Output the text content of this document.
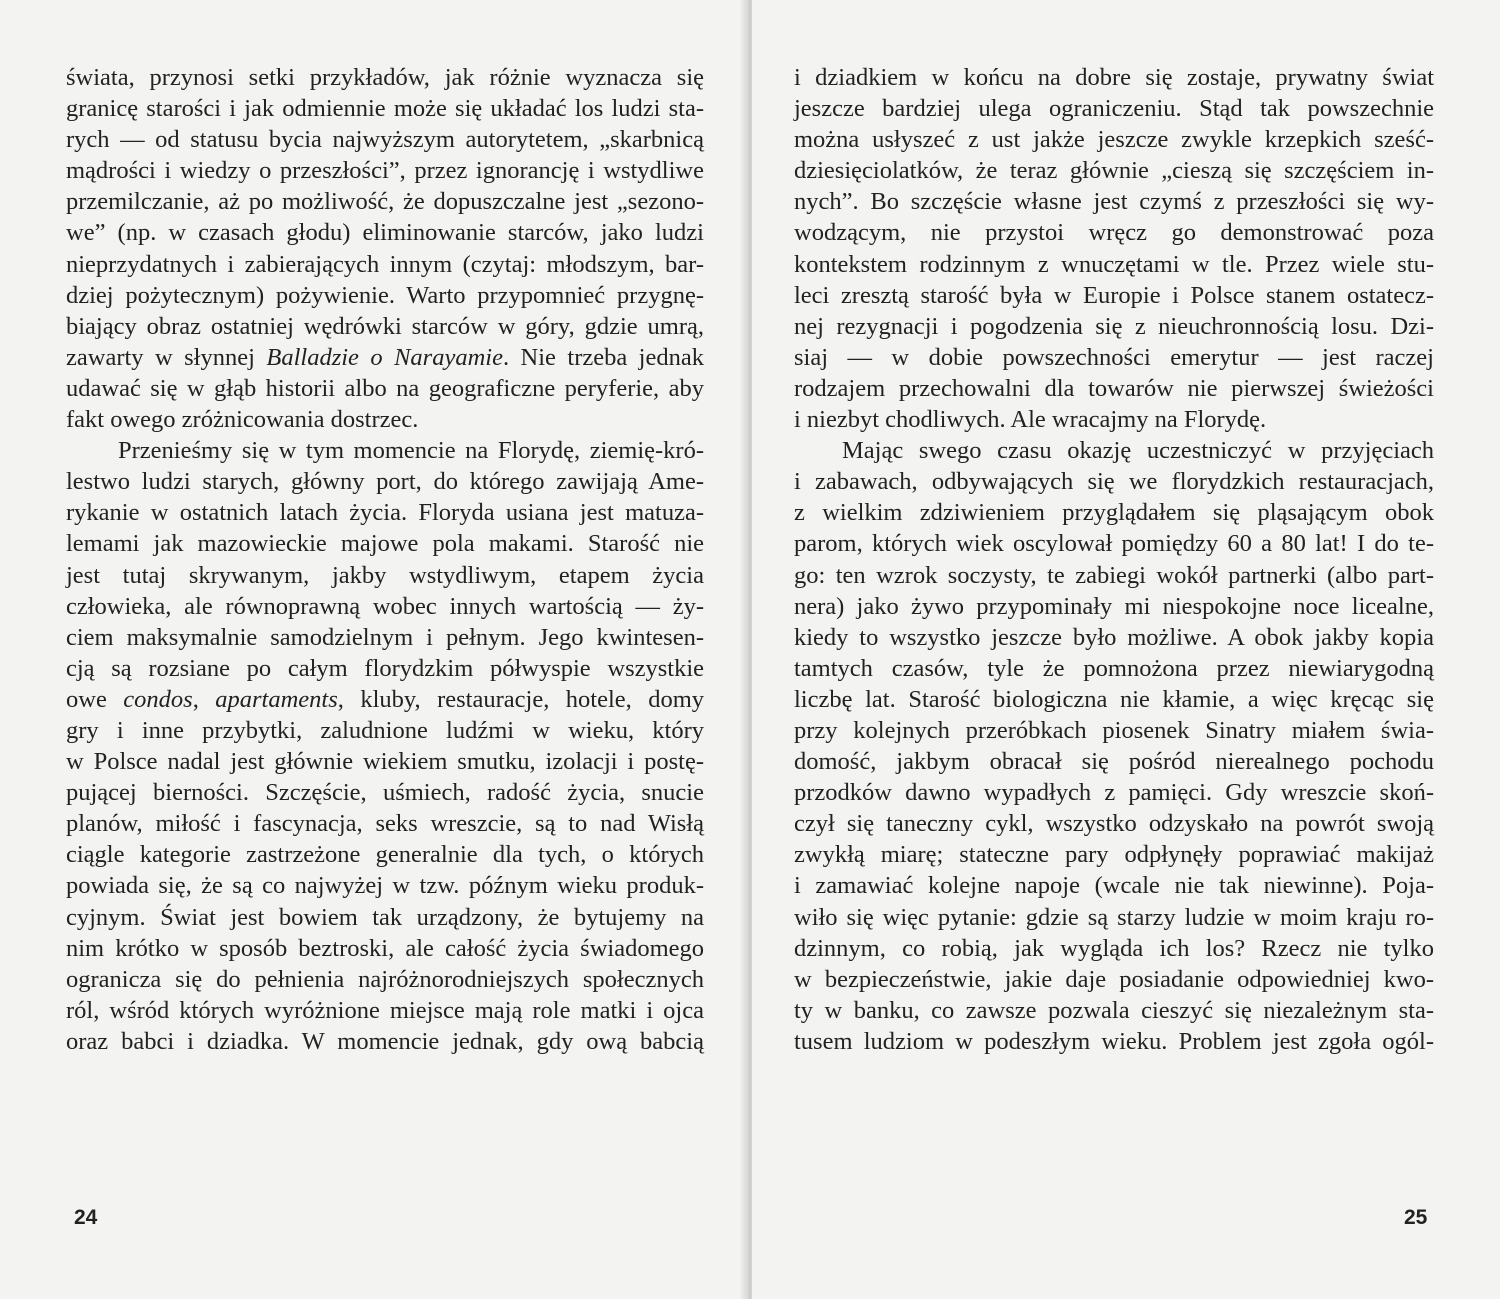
świata, przynosi setki przykładów, jak różnie wyznacza się
granicę starości i jak odmiennie może się układać los ludzi sta-
rych — od statusu bycia najwyższym autorytetem, „skarbnicą
mądrości i wiedzy o przeszłości”, przez ignorancję i wstydliwe
przemilczanie, aż po możliwość, że dopuszczalne jest „sezono-
we” (np. w czasach głodu) eliminowanie starców, jako ludzi
nieprzydatnych i zabierających innym (czytaj: młodszym, bar-
dziej pożytecznym) pożywienie. Warto przypomnieć przygnę-
biający obraz ostatniej wędrówki starców w góry, gdzie umrą,
zawarty w słynnej Balladzie o Narayamie. Nie trzeba jednak
udawać się w głąb historii albo na geograficzne peryferie, aby
fakt owego zróżnicowania dostrzec.
Przenieśmy się w tym momencie na Florydę, ziemię-kró-
lestwo ludzi starych, główny port, do którego zawijają Ame-
rykanie w ostatnich latach życia. Floryda usiana jest matuza-
lemami jak mazowieckie majowe pola makami. Starość nie
jest tutaj skrywanym, jakby wstydliwym, etapem życia
człowieka, ale równoprawną wobec innych wartością — ży-
ciem maksymalnie samodzielnym i pełnym. Jego kwintesen-
cją są rozsiane po całym florydzkim półwyspie wszystkie
owe condos, apartaments, kluby, restauracje, hotele, domy
gry i inne przybytki, zaludnione ludźmi w wieku, który
w Polsce nadal jest głównie wiekiem smutku, izolacji i postę-
pującej bierności. Szczęście, uśmiech, radość życia, snucie
planów, miłość i fascynacja, seks wreszcie, są to nad Wisłą
ciągle kategorie zastrzeżone generalnie dla tych, o których
powiada się, że są co najwyżej w tzw. późnym wieku produk-
cyjnym. Świat jest bowiem tak urządzony, że bytujemy na
nim krótko w sposób beztroski, ale całość życia świadomego
ogranicza się do pełnienia najróżnorodniejszych społecznych
ról, wśród których wyróżnione miejsce mają role matki i ojca
oraz babci i dziadka. W momencie jednak, gdy ową babcią
24
i dziadkiem w końcu na dobre się zostaje, prywatny świat
jeszcze bardziej ulega ograniczeniu. Stąd tak powszechnie
można usłyszeć z ust jakże jeszcze zwykle krzepkich sześć-
dziesięciolatków, że teraz głównie „cieszą się szczęściem in-
nych”. Bo szczęście własne jest czymś z przeszłości się wy-
wodzącym, nie przystoi wręcz go demonstrować poza
kontekstem rodzinnym z wnuczętami w tle. Przez wiele stu-
leci zresztą starość była w Europie i Polsce stanem ostatecz-
nej rezygnacji i pogodzenia się z nieuchronnością losu. Dzi-
siaj — w dobie powszechności emerytur — jest raczej
rodzajem przechowalni dla towarów nie pierwszej świeżości
i niezbyt chodliwych. Ale wracajmy na Florydę.
Mając swego czasu okazję uczestniczyć w przyjęciach
i zabawach, odbywających się we florydzkich restauracjach,
z wielkim zdziwieniem przyglądałem się pląsającym obok
parom, których wiek oscylował pomiędzy 60 a 80 lat! I do te-
go: ten wzrok soczysty, te zabiegi wokół partnerki (albo part-
nera) jako żywo przypominały mi niespokojne noce licealne,
kiedy to wszystko jeszcze było możliwe. A obok jakby kopia
tamtych czasów, tyle że pomnożona przez niewiarygodną
liczbę lat. Starość biologiczna nie kłamie, a więc kręcąc się
przy kolejnych przeróbkach piosenek Sinatry miałem świa-
domość, jakbym obracał się pośród nierealnego pochodu
przodków dawno wypadłych z pamięci. Gdy wreszcie skoń-
czył się taneczny cykl, wszystko odzyskało na powrót swoją
zwykłą miarę; stateczne pary odpłynęły poprawiać makijaż
i zamawiać kolejne napoje (wcale nie tak niewinne). Poja-
wiło się więc pytanie: gdzie są starzy ludzie w moim kraju ro-
dzinnym, co robią, jak wygląda ich los? Rzecz nie tylko
w bezpieczeństwie, jakie daje posiadanie odpowiedniej kwo-
ty w banku, co zawsze pozwala cieszyć się niezależnym sta-
tusem ludziom w podeszłym wieku. Problem jest zgoła ogól-
25
